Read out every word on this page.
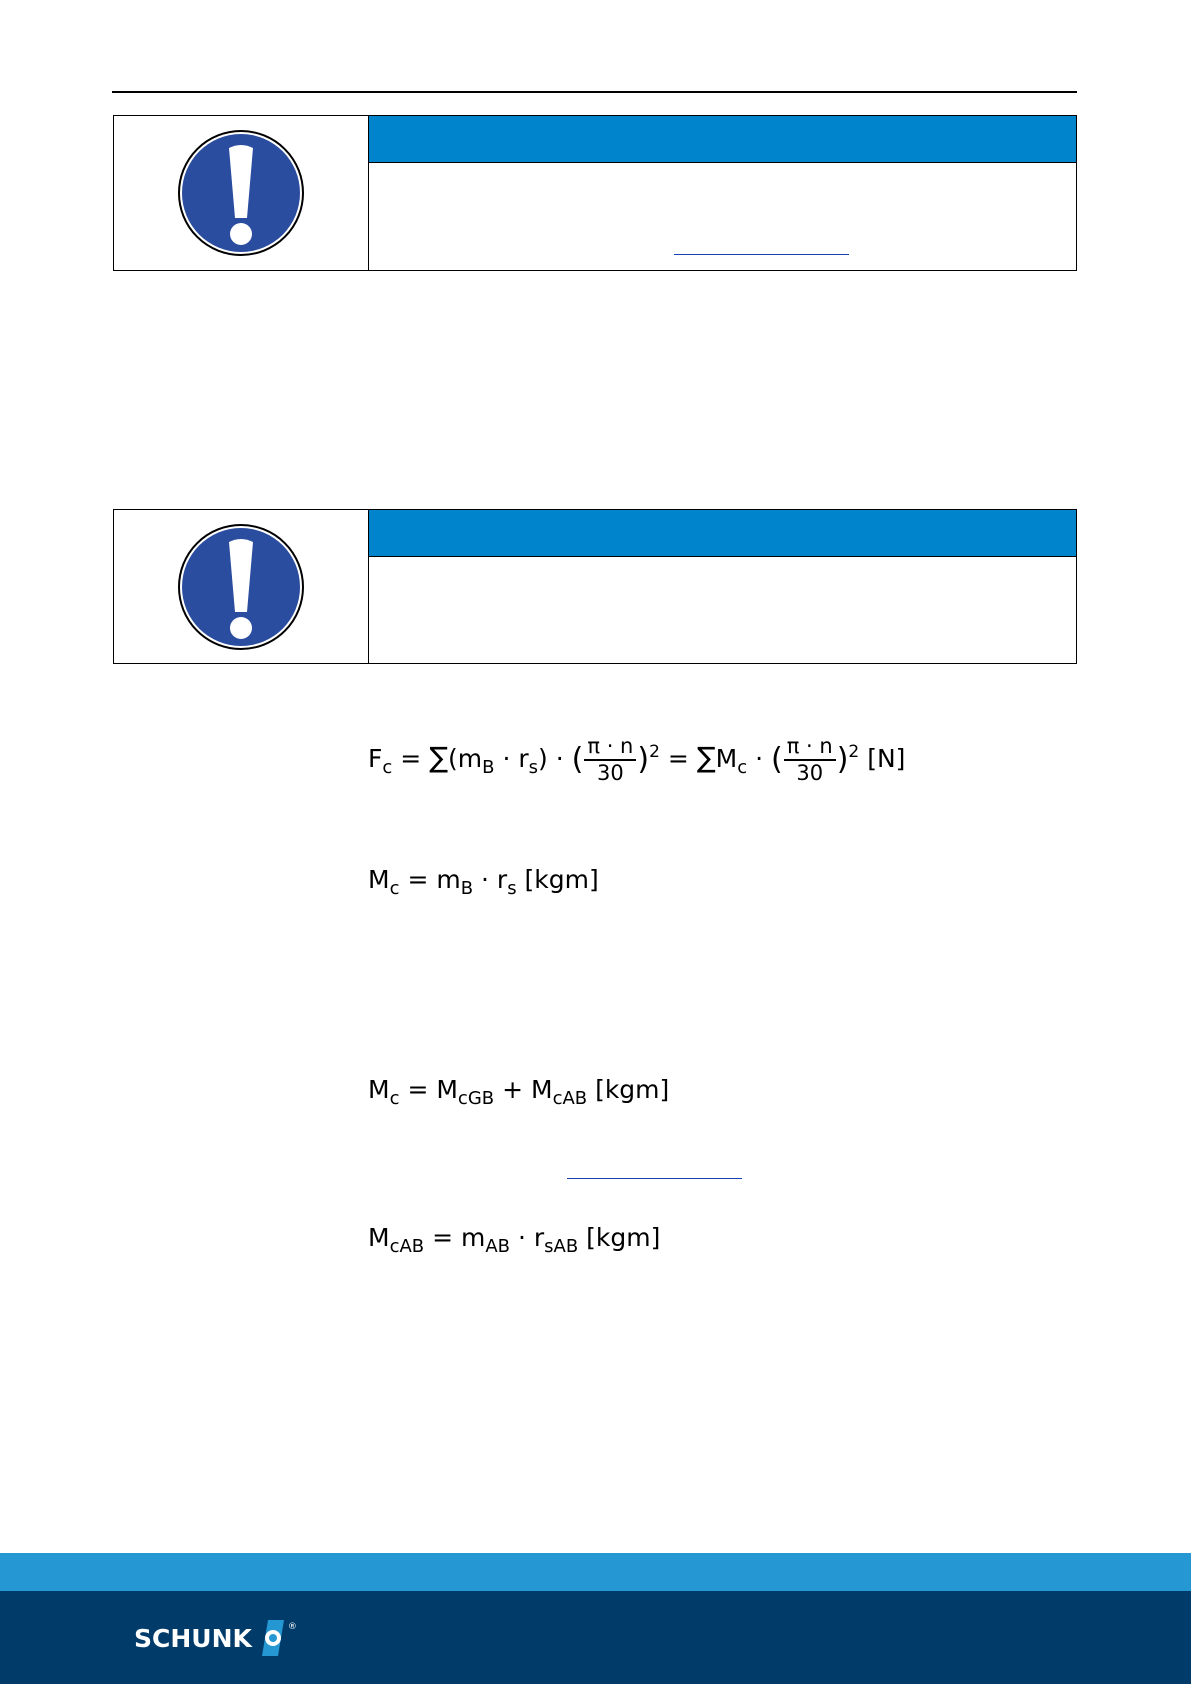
$F_c = \sum(m_B \cdot r_s)$ · ( $\frac{\pi \cdot n}{30} )^2 = \sum M_c$ · ( $\frac{\pi \cdot n}{30} )^2$ [N]
$M_c = m_B \cdot r_s$ [kgm]
$M_c = M_{cGB} + M_{cAB}$ [kgm]
$M_{cAB} = m_{AB} \cdot r_{sAB}$ [kgm]
SCHUNK	®
